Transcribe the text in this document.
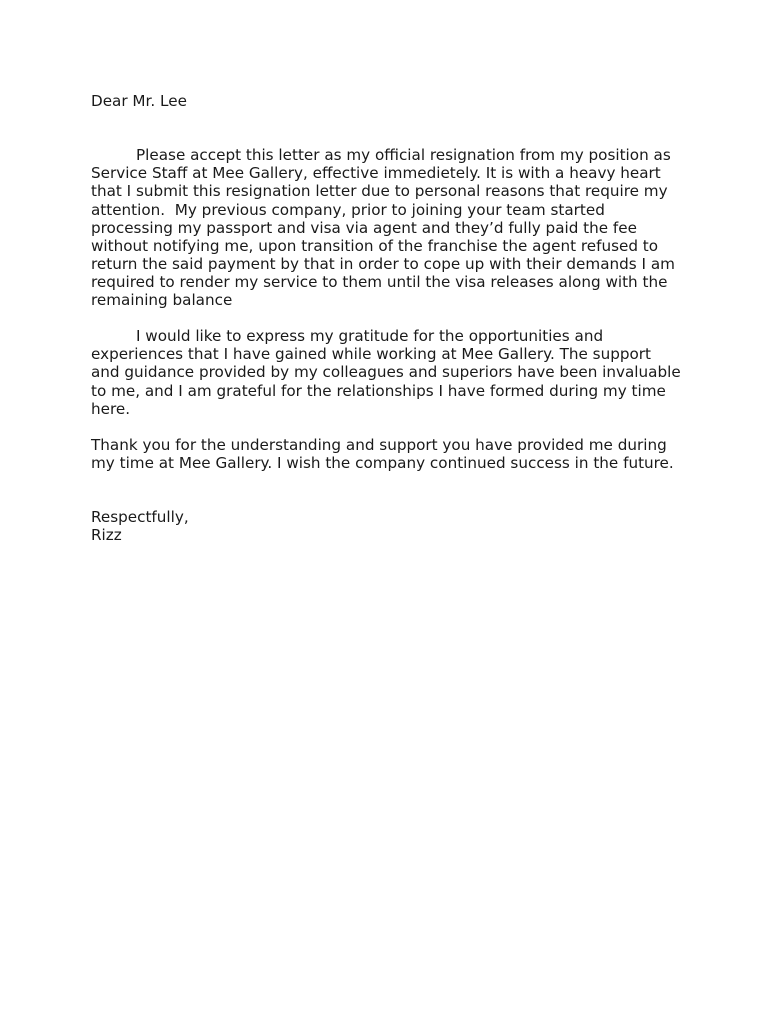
Dear Mr. Lee
Please accept this letter as my official resignation from my position as
Service Staff at Mee Gallery, effective immedietely. It is with a heavy heart
that I submit this resignation letter due to personal reasons that require my
attention.  My previous company, prior to joining your team started
processing my passport and visa via agent and they’d fully paid the fee
without notifying me, upon transition of the franchise the agent refused to
return the said payment by that in order to cope up with their demands I am
required to render my service to them until the visa releases along with the
remaining balance
I would like to express my gratitude for the opportunities and
experiences that I have gained while working at Mee Gallery. The support
and guidance provided by my colleagues and superiors have been invaluable
to me, and I am grateful for the relationships I have formed during my time
here.
Thank you for the understanding and support you have provided me during
my time at Mee Gallery. I wish the company continued success in the future.
Respectfully,
Rizz
